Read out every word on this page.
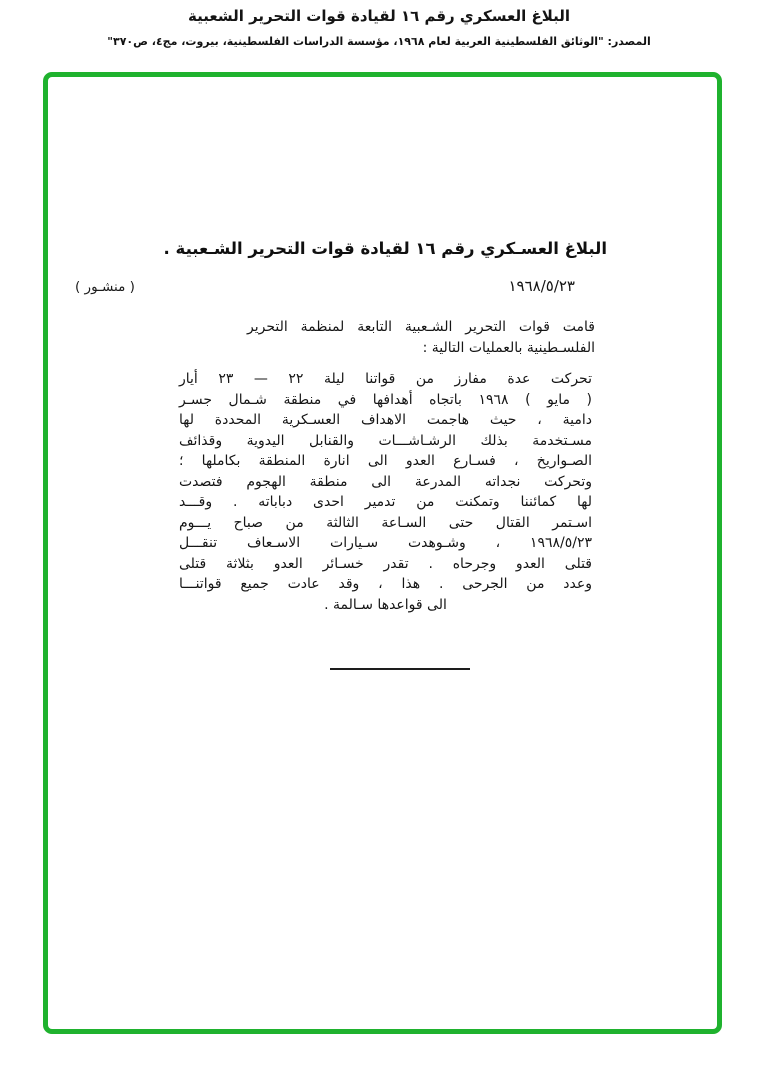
البلاغ العسكري رقم ١٦ لقيادة قوات التحرير الشعبية
المصدر: "الوثائق الفلسطينية العربية لعام ١٩٦٨، مؤسسة الدراسات الفلسطينية، بيروت، مج٤، ص٣٧٠"
البلاغ العسـكري رقم ١٦ لقيادة قوات التحرير الشـعبية .
١٩٦٨/٥/٢٣
( منشـور )
قامت قوات التحرير الشـعبية التابعة لمنظمة التحرير
الفلسـطينية بالعمليات التالية :
تحركت عدة مفارز من قواتنا ليلة ٢٢ — ٢٣ أيار
( مايو ) ١٩٦٨ باتجاه أهدافها في منطقة شـمال جسـر
دامية ، حيث هاجمت الاهداف العسـكرية المحددة لها
مسـتخدمة بذلك الرشـاشـــات والقنابل اليدوية وقذائف
الصـواريخ ، فسـارع العدو الى انارة المنطقة بكاملها ؛
وتحركت نجداته المدرعة الى منطقة الهجوم فتصدت
لها كمائننا وتمكنت من تدمير احدى دباباته . وقـــد
اسـتمر القتال حتى السـاعة الثالثة من صباح يـــوم
١٩٦٨/٥/٢٣ ، وشـوهدت سـيارات الاسـعاف تنقـــل
قتلى العدو وجرحاه . تقدر خسـائر العدو بثلاثة قتلى
وعدد من الجرحى . هذا ، وقد عادت جميع قواتنـــا
الى قواعدها سـالمة .
